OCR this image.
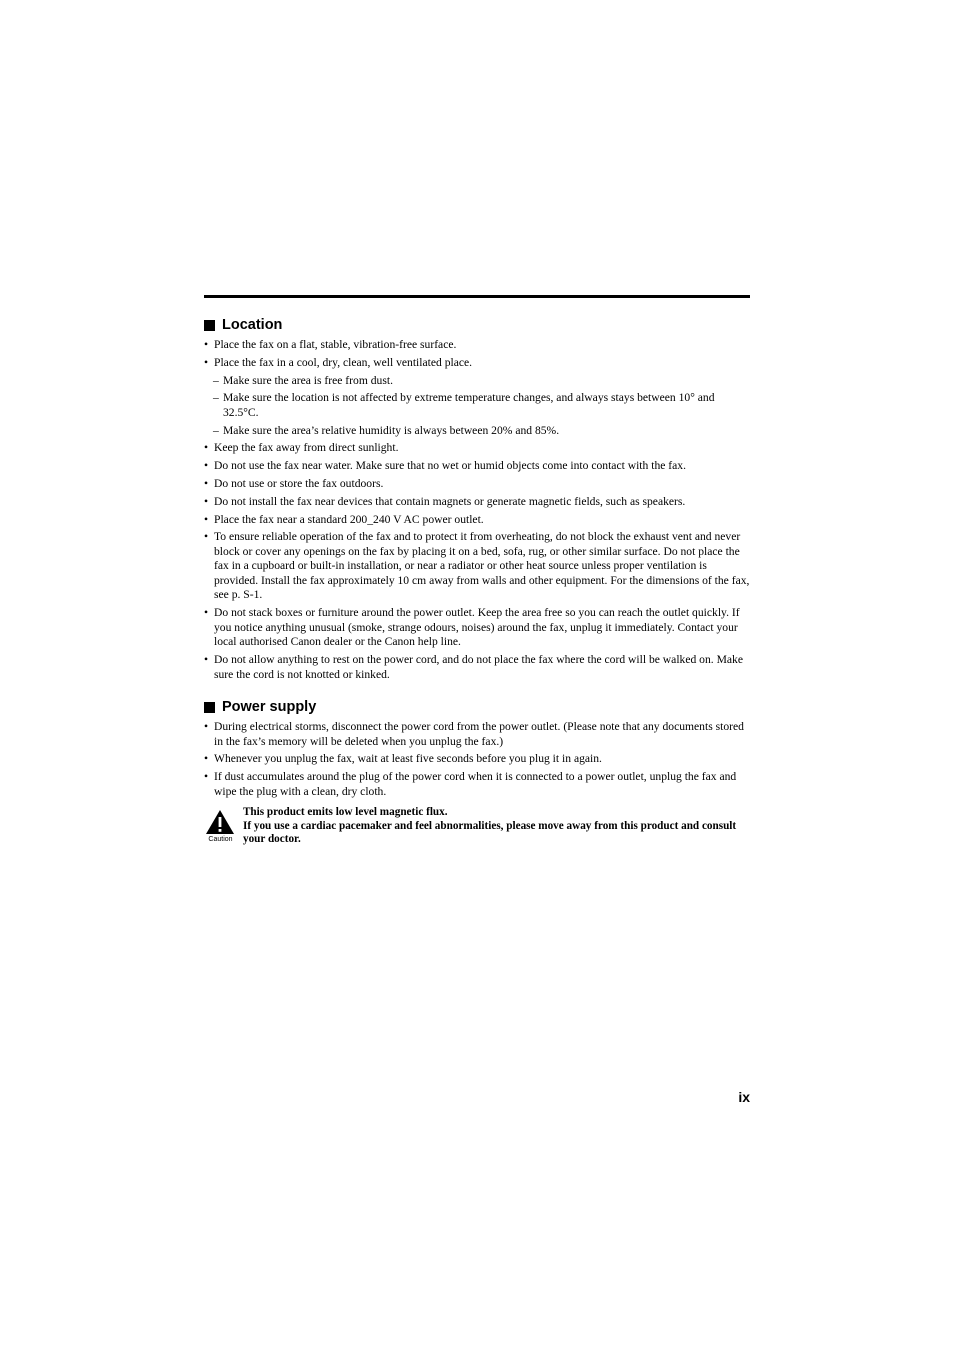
Location
• Place the fax on a flat, stable, vibration-free surface.
• Place the fax in a cool, dry, clean, well ventilated place.
– Make sure the area is free from dust.
– Make sure the location is not affected by extreme temperature changes, and always stays between 10° and 32.5°C.
– Make sure the area’s relative humidity is always between 20% and 85%.
• Keep the fax away from direct sunlight.
• Do not use the fax near water. Make sure that no wet or humid objects come into contact with the fax.
• Do not use or store the fax outdoors.
• Do not install the fax near devices that contain magnets or generate magnetic fields, such as speakers.
• Place the fax near a standard 200_240 V AC power outlet.
• To ensure reliable operation of the fax and to protect it from overheating, do not block the exhaust vent and never block or cover any openings on the fax by placing it on a bed, sofa, rug, or other similar surface. Do not place the fax in a cupboard or built-in installation, or near a radiator or other heat source unless proper ventilation is provided. Install the fax approximately 10 cm away from walls and other equipment. For the dimensions of the fax, see p. S-1.
• Do not stack boxes or furniture around the power outlet. Keep the area free so you can reach the outlet quickly. If you notice anything unusual (smoke, strange odours, noises) around the fax, unplug it immediately. Contact your local authorised Canon dealer or the Canon help line.
• Do not allow anything to rest on the power cord, and do not place the fax where the cord will be walked on. Make sure the cord is not knotted or kinked.
Power supply
• During electrical storms, disconnect the power cord from the power outlet. (Please note that any documents stored in the fax’s memory will be deleted when you unplug the fax.)
• Whenever you unplug the fax, wait at least five seconds before you plug it in again.
• If dust accumulates around the plug of the power cord when it is connected to a power outlet, unplug the fax and wipe the plug with a clean, dry cloth.
Caution
This product emits low level magnetic flux.
If you use a cardiac pacemaker and feel abnormalities, please move away from this product and consult your doctor.
ix
